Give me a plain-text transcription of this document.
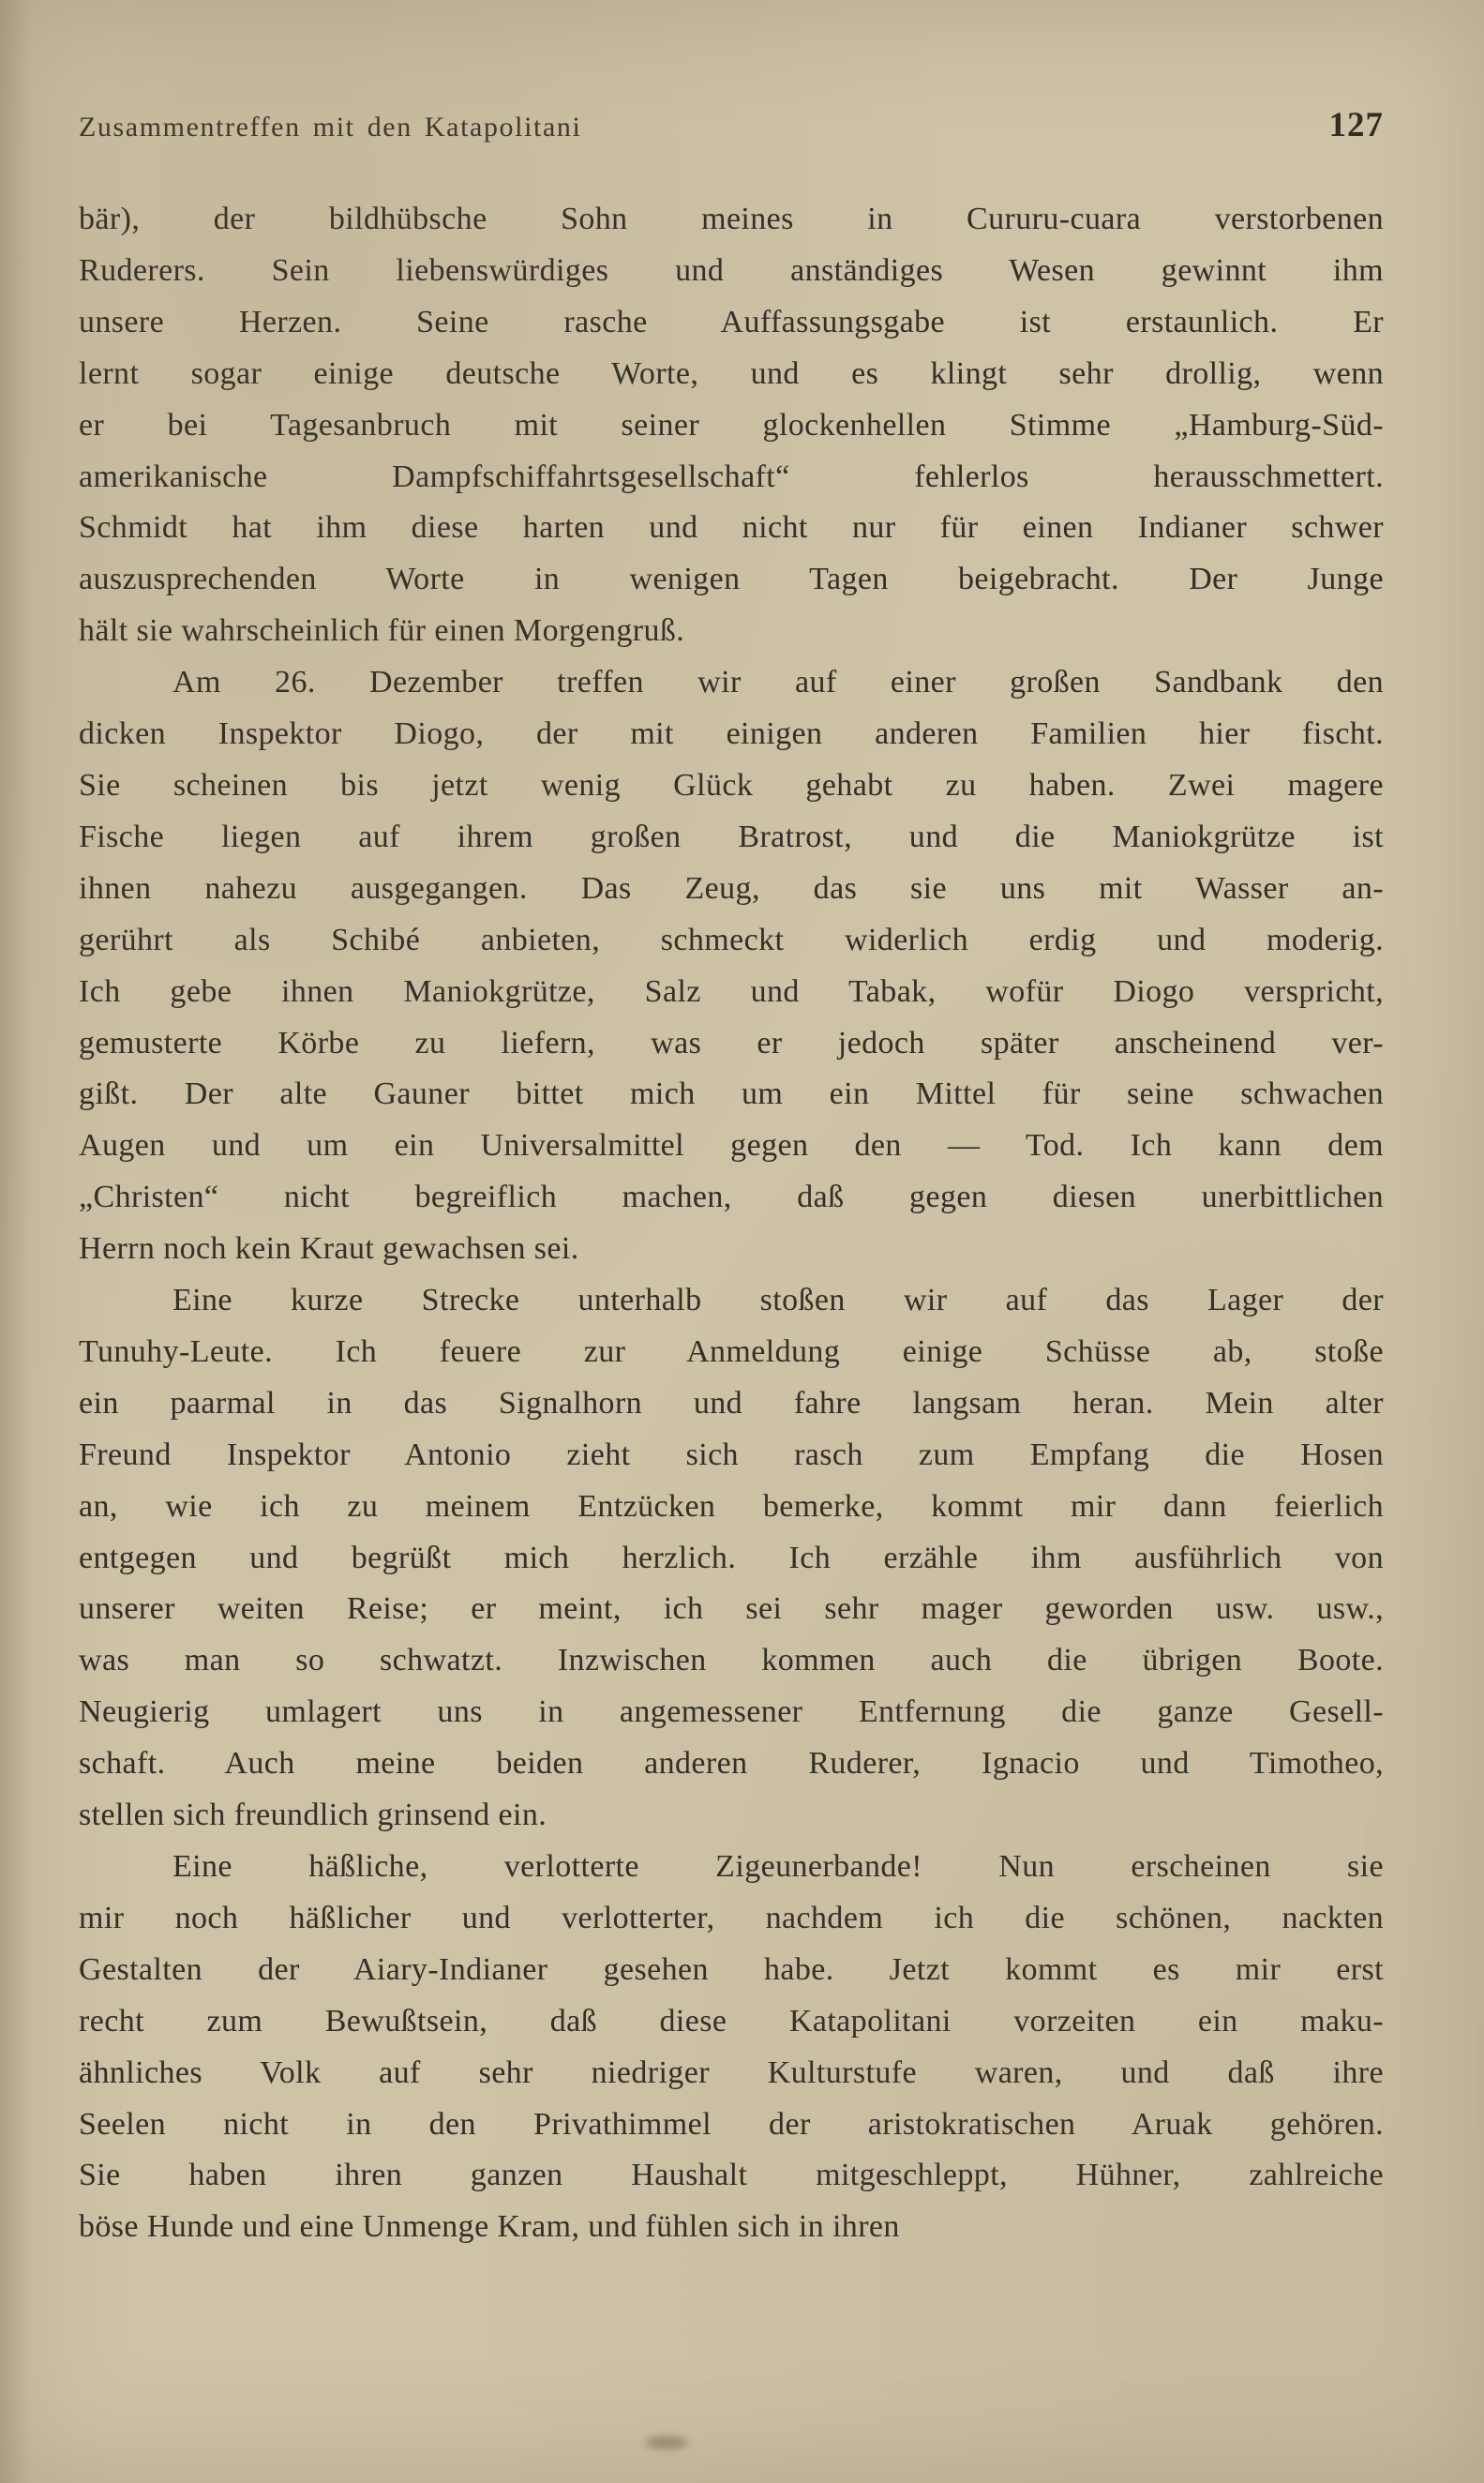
Zusammentreffen mit den Katapolitani	127
bär), der bildhübsche Sohn meines in Cururu-cuara verstorbenen
Ruderers. Sein liebenswürdiges und anständiges Wesen gewinnt ihm
unsere Herzen. Seine rasche Auffassungsgabe ist erstaunlich. Er
lernt sogar einige deutsche Worte, und es klingt sehr drollig, wenn
er bei Tagesanbruch mit seiner glockenhellen Stimme „Hamburg-Süd-
amerikanische Dampfschiffahrtsgesellschaft“ fehlerlos herausschmettert.
Schmidt hat ihm diese harten und nicht nur für einen Indianer schwer
auszusprechenden Worte in wenigen Tagen beigebracht. Der Junge
hält sie wahrscheinlich für einen Morgengruß.
Am 26. Dezember treffen wir auf einer großen Sandbank den
dicken Inspektor Diogo, der mit einigen anderen Familien hier fischt.
Sie scheinen bis jetzt wenig Glück gehabt zu haben. Zwei magere
Fische liegen auf ihrem großen Bratrost, und die Maniokgrütze ist
ihnen nahezu ausgegangen. Das Zeug, das sie uns mit Wasser an-
gerührt als Schibé anbieten, schmeckt widerlich erdig und moderig.
Ich gebe ihnen Maniokgrütze, Salz und Tabak, wofür Diogo verspricht,
gemusterte Körbe zu liefern, was er jedoch später anscheinend ver-
gißt. Der alte Gauner bittet mich um ein Mittel für seine schwachen
Augen und um ein Universalmittel gegen den — Tod. Ich kann dem
„Christen“ nicht begreiflich machen, daß gegen diesen unerbittlichen
Herrn noch kein Kraut gewachsen sei.
Eine kurze Strecke unterhalb stoßen wir auf das Lager der
Tunuhy-Leute. Ich feuere zur Anmeldung einige Schüsse ab, stoße
ein paarmal in das Signalhorn und fahre langsam heran. Mein alter
Freund Inspektor Antonio zieht sich rasch zum Empfang die Hosen
an, wie ich zu meinem Entzücken bemerke, kommt mir dann feierlich
entgegen und begrüßt mich herzlich. Ich erzähle ihm ausführlich von
unserer weiten Reise; er meint, ich sei sehr mager geworden usw. usw.,
was man so schwatzt. Inzwischen kommen auch die übrigen Boote.
Neugierig umlagert uns in angemessener Entfernung die ganze Gesell-
schaft. Auch meine beiden anderen Ruderer, Ignacio und Timotheo,
stellen sich freundlich grinsend ein.
Eine häßliche, verlotterte Zigeunerbande! Nun erscheinen sie
mir noch häßlicher und verlotterter, nachdem ich die schönen, nackten
Gestalten der Aiary-Indianer gesehen habe. Jetzt kommt es mir erst
recht zum Bewußtsein, daß diese Katapolitani vorzeiten ein maku-
ähnliches Volk auf sehr niedriger Kulturstufe waren, und daß ihre
Seelen nicht in den Privathimmel der aristokratischen Aruak gehören.
Sie haben ihren ganzen Haushalt mitgeschleppt, Hühner, zahlreiche
böse Hunde und eine Unmenge Kram, und fühlen sich in ihren
